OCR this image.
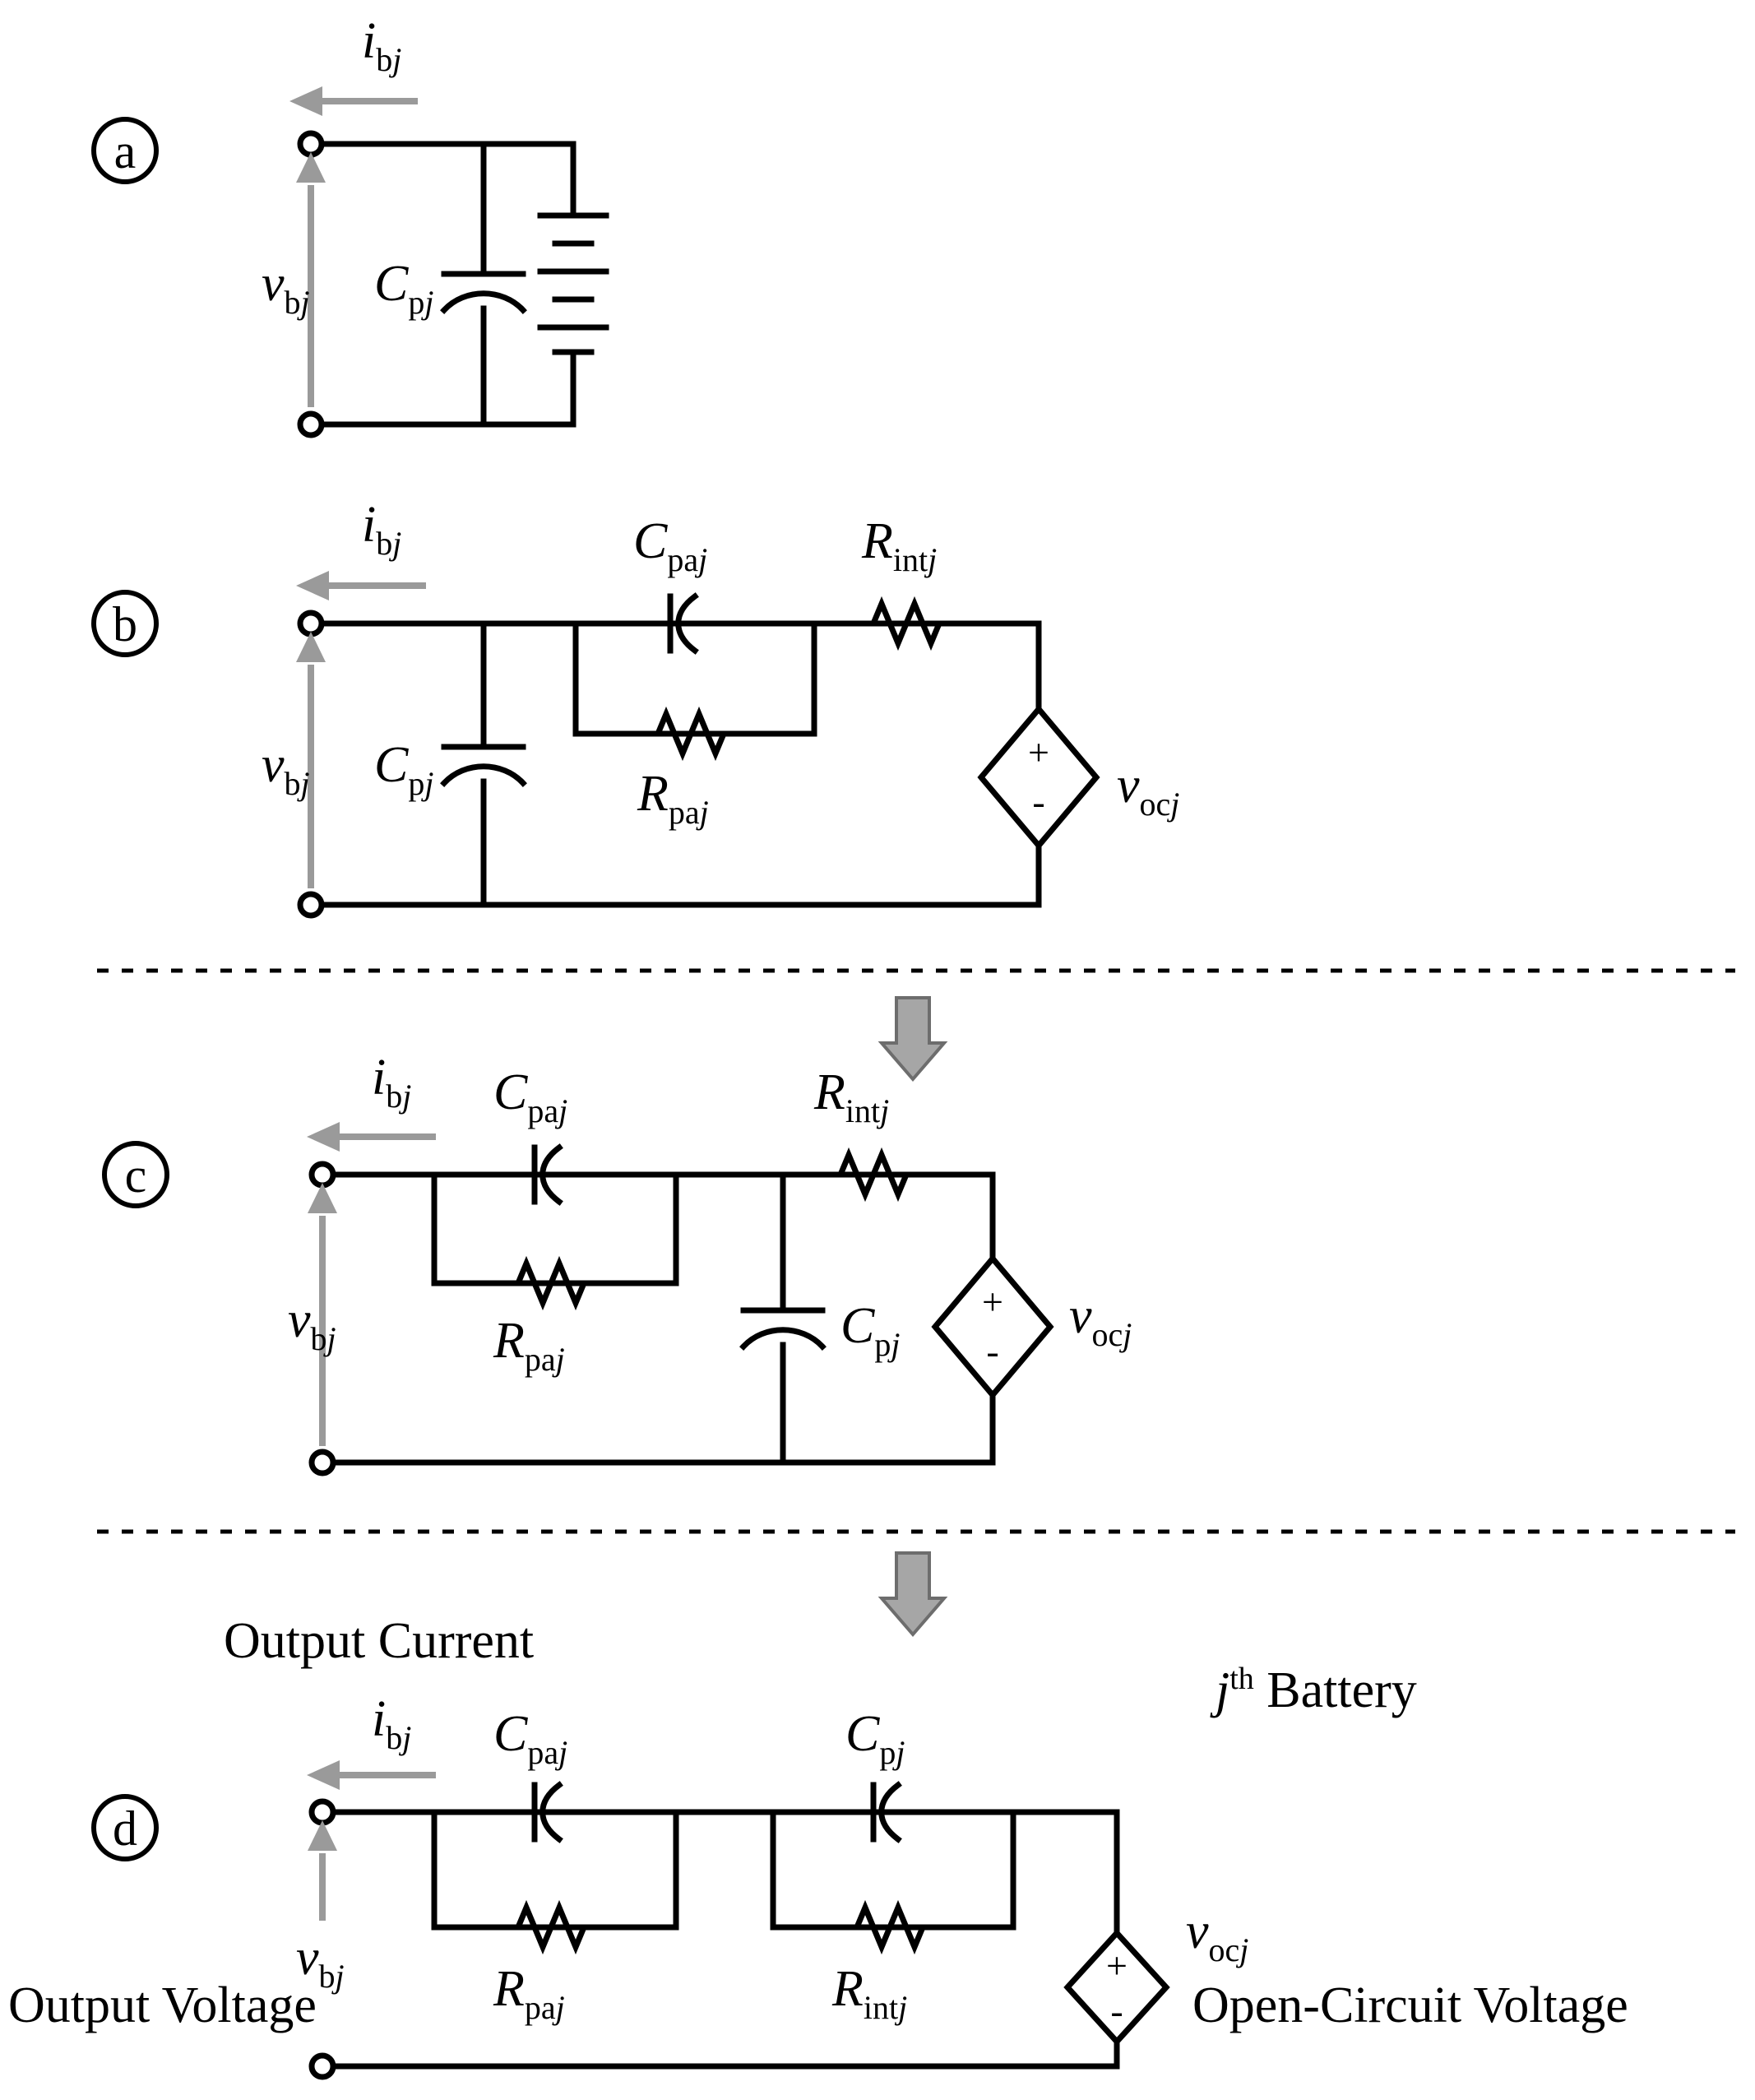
a
$i_bj$
$v_bj$ $C_pj$
b
+
-
$i_bj$
$v_bj$ $C_pj$
$C_{pa}j$
$R_{pa}j$
$R_{int}j$
$v_{oc}j$
c
+
-
$i_bj$ $C_{pa}j$	$R_{int}j$
$v_bj$	$R_{pa}j$
$C_pj$
$v_{oc}j$
d
+
-
$i_bj$ $C_{pa}j$	$C_pj$
$v_bj$	$R_{pa}j$	$R_{int}j$
$v_{oc}j$
Output Current
Output Voltage	Open-Circuit Voltage
$j^{th}$ Battery
